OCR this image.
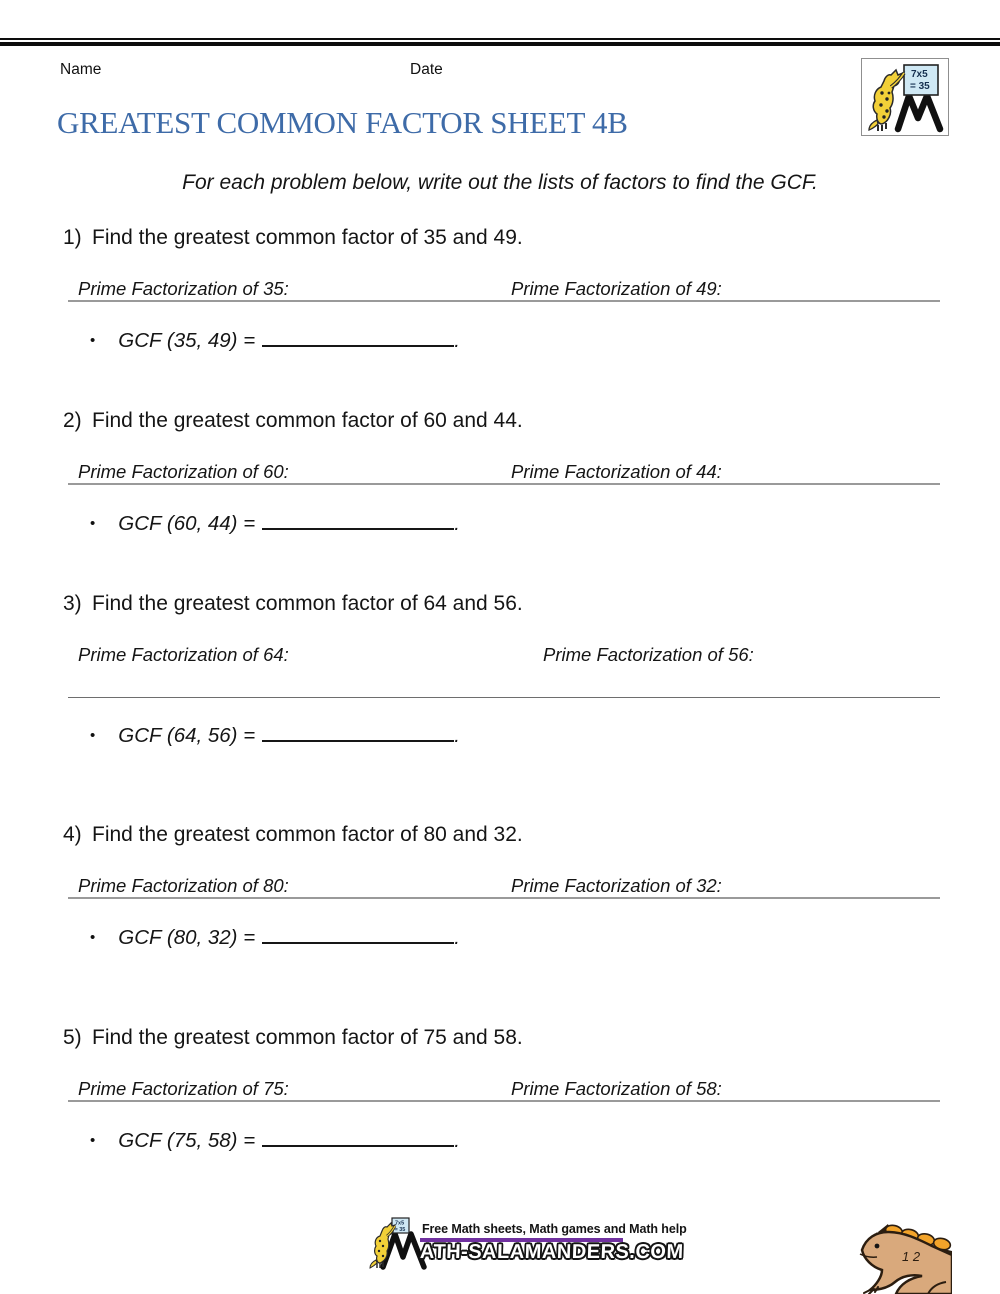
Name	Date	7x5
= 35
GREATEST COMMON FACTOR SHEET 4B
For each problem below, write out the lists of factors to find the GCF.
1) Find the greatest common factor of 35 and 49.
Prime Factorization of 35:	Prime Factorization of 49:
• GCF (35, 49) =	.
2) Find the greatest common factor of 60 and 44.
Prime Factorization of 60:	Prime Factorization of 44:
• GCF (60, 44) =	.
3) Find the greatest common factor of 64 and 56.
Prime Factorization of 64:	Prime Factorization of 56:
• GCF (64, 56) =	.
4) Find the greatest common factor of 80 and 32.
Prime Factorization of 80:	Prime Factorization of 32:
• GCF (80, 32) =	.
5) Find the greatest common factor of 75 and 58.
Prime Factorization of 75:	Prime Factorization of 58:
• GCF (75, 58) =	.
7x5
= 35 Free Math sheets, Math games and Math help
ATH-SALAMANDERS.COM	1 2
